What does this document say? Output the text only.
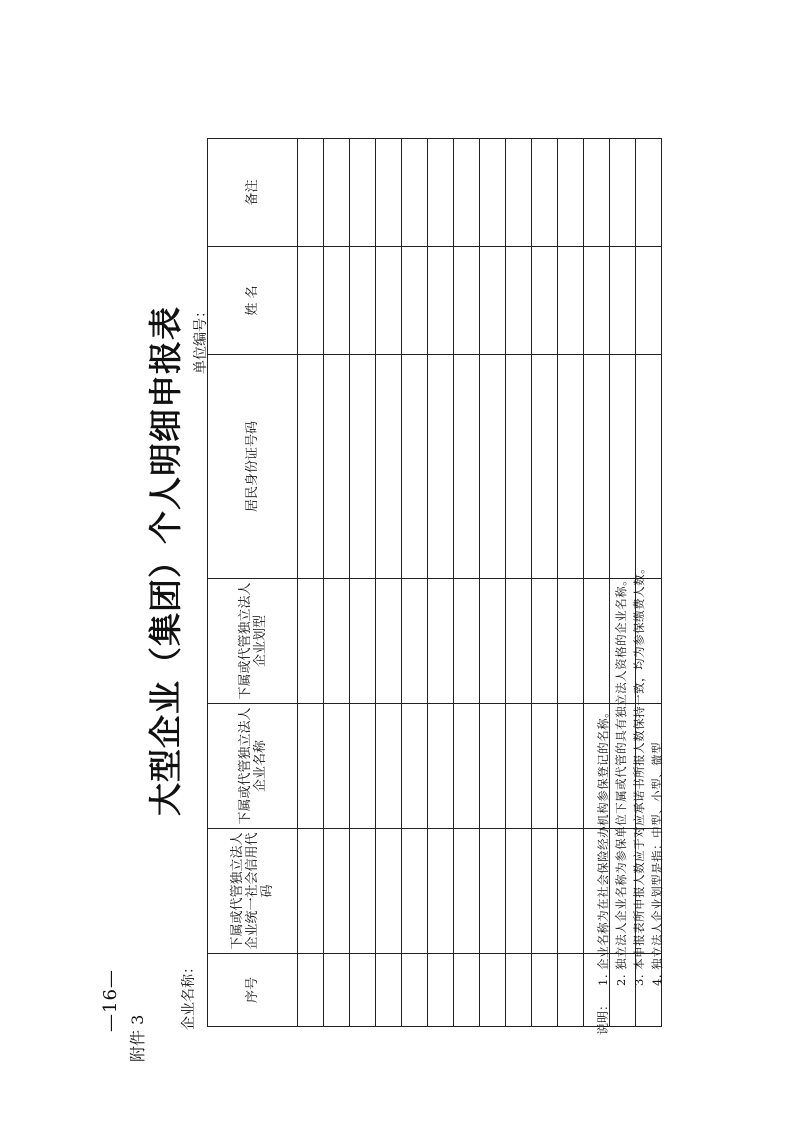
—16—
附件 3
大型企业（集团）个人明细申报表
企业名称：
单位编号：
序号	下属或代管独立法人企业统一社会信用代码	下属或代管独立法人企业名称	下属或代管独立法人企业划型	居民身份证号码	姓 名	备注

说明：
1. 企业名称为在社会保险经办机构参保登记的名称。 2. 独立法人企业名称为参保单位下属或代管的具有独立法人资格的企业名称。 3. 本申报表所申报人数应于对应承诺书所报人数保持一致，均为参保缴费人数。 4. 独立法人企业划型是指：中型、小型、微型
